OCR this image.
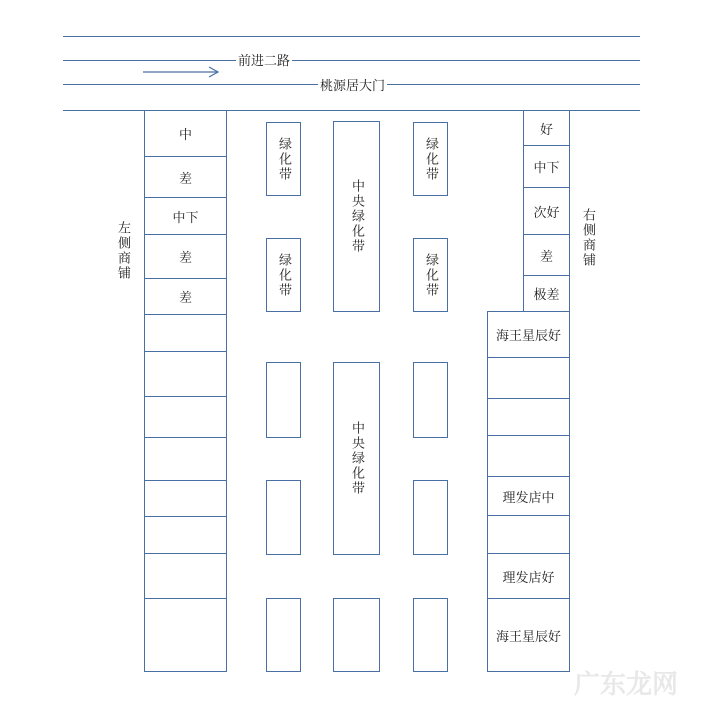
前进二路
桃源居大门
左侧商铺
中
差
中下
差
差
绿化带
绿化带
中央绿化带
中央绿化带
绿化带
绿化带
右侧商铺
好
中下
次好
差
极差
海王星辰好
理发店中
理发店好
海王星辰好
广东龙网
